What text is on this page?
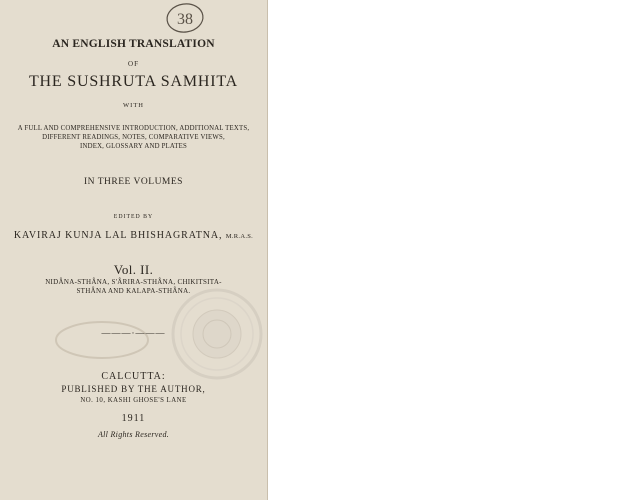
38
AN ENGLISH TRANSLATION
OF
THE SUSHRUTA SAMHITA
WITH
A FULL AND COMPREHENSIVE INTRODUCTION, ADDITIONAL TEXTS,
DIFFERENT READINGS, NOTES, COMPARATIVE VIEWS,
INDEX, GLOSSARY AND PLATES
IN THREE VOLUMES
EDITED BY
KAVIRAJ KUNJA LAL BHISHAGRATNA, M.R.A.S.
Vol. II.
NIDÂNA-STHÂNA, S'ÂRIRA-STHÂNA, CHIKITSITA-
STHÂNA AND KALAPA-STHÂNA.
———·———
CALCUTTA:
PUBLISHED BY THE AUTHOR,
NO. 10, KASHI GHOSE'S LANE
1911
All Rights Reserved.
